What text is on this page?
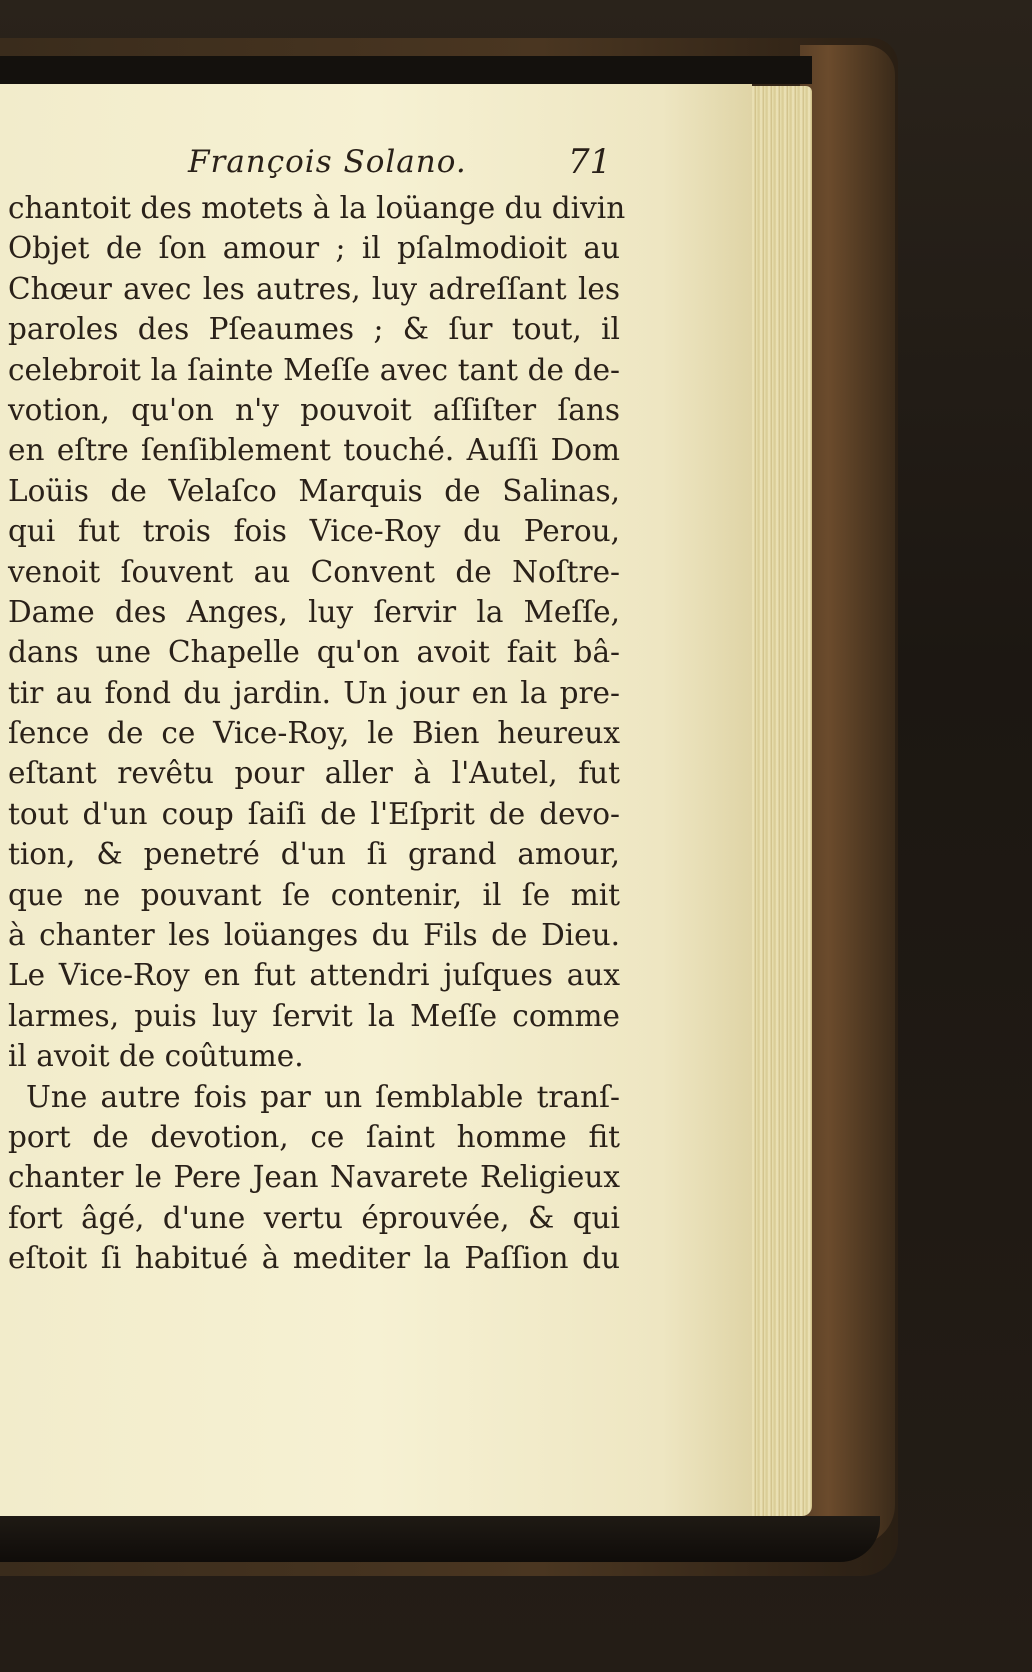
François Solano.	71
chantoit des motets à la loüange du divin
Objet de ſon amour ; il pſalmodioit au
Chœur avec les autres, luy adreſſant les
paroles des Pſeaumes ; & ſur tout, il
celebroit la ſainte Meſſe avec tant de de-
votion, qu'on n'y pouvoit aſſiſter ſans
en eſtre ſenſiblement touché. Auſſi Dom
Loüis de Velaſco Marquis de Salinas,
qui fut trois fois Vice-Roy du Perou,
venoit ſouvent au Convent de Noſtre-
Dame des Anges, luy ſervir la Meſſe,
dans une Chapelle qu'on avoit fait bâ-
tir au fond du jardin. Un jour en la pre-
ſence de ce Vice-Roy, le Bien heureux
eſtant revêtu pour aller à l'Autel, fut
tout d'un coup ſaiſi de l'Eſprit de devo-
tion, & penetré d'un ſi grand amour,
que ne pouvant ſe contenir, il ſe mit
à chanter les loüanges du Fils de Dieu.
Le Vice-Roy en fut attendri juſques aux
larmes, puis luy ſervit la Meſſe comme
il avoit de coûtume.
Une autre fois par un ſemblable tranſ-
port de devotion, ce ſaint homme fit
chanter le Pere Jean Navarete Religieux
fort âgé, d'une vertu éprouvée, & qui
eſtoit ſi habitué à mediter la Paſſion du
